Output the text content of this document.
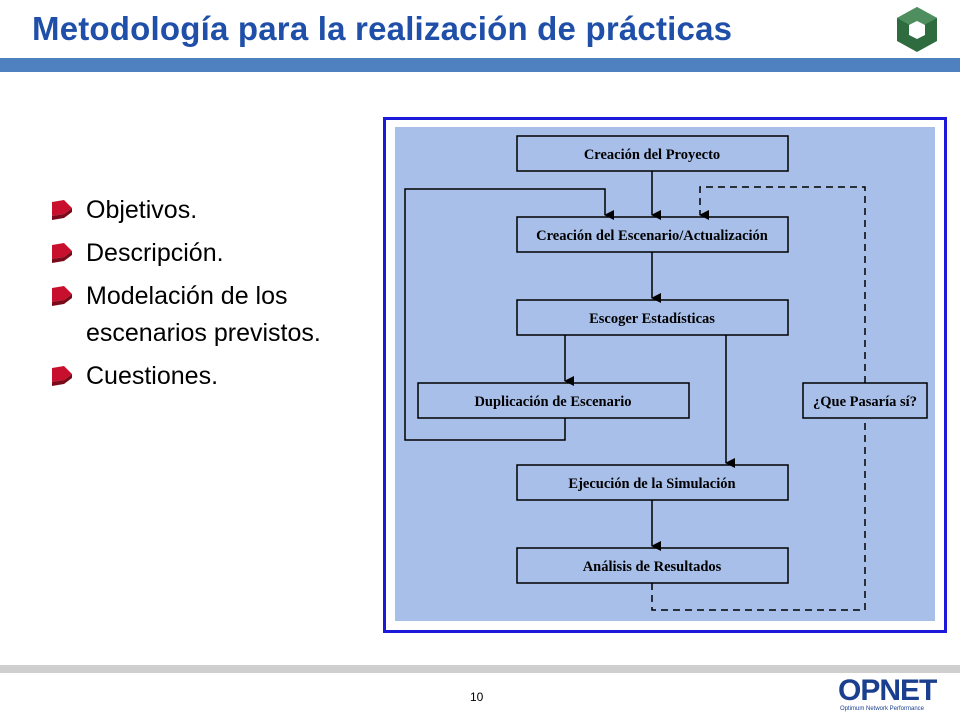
Metodología para la realización de prácticas
Objetivos.
Descripción.
Modelación de los escenarios previstos.
Cuestiones.
Creación del Proyecto
Creación del Escenario/Actualización
Escoger Estadísticas
Duplicación de Escenario	¿Que Pasaría sí?
Ejecución de la Simulación
Análisis de Resultados
10	OPNET
Optimum Network Performance
